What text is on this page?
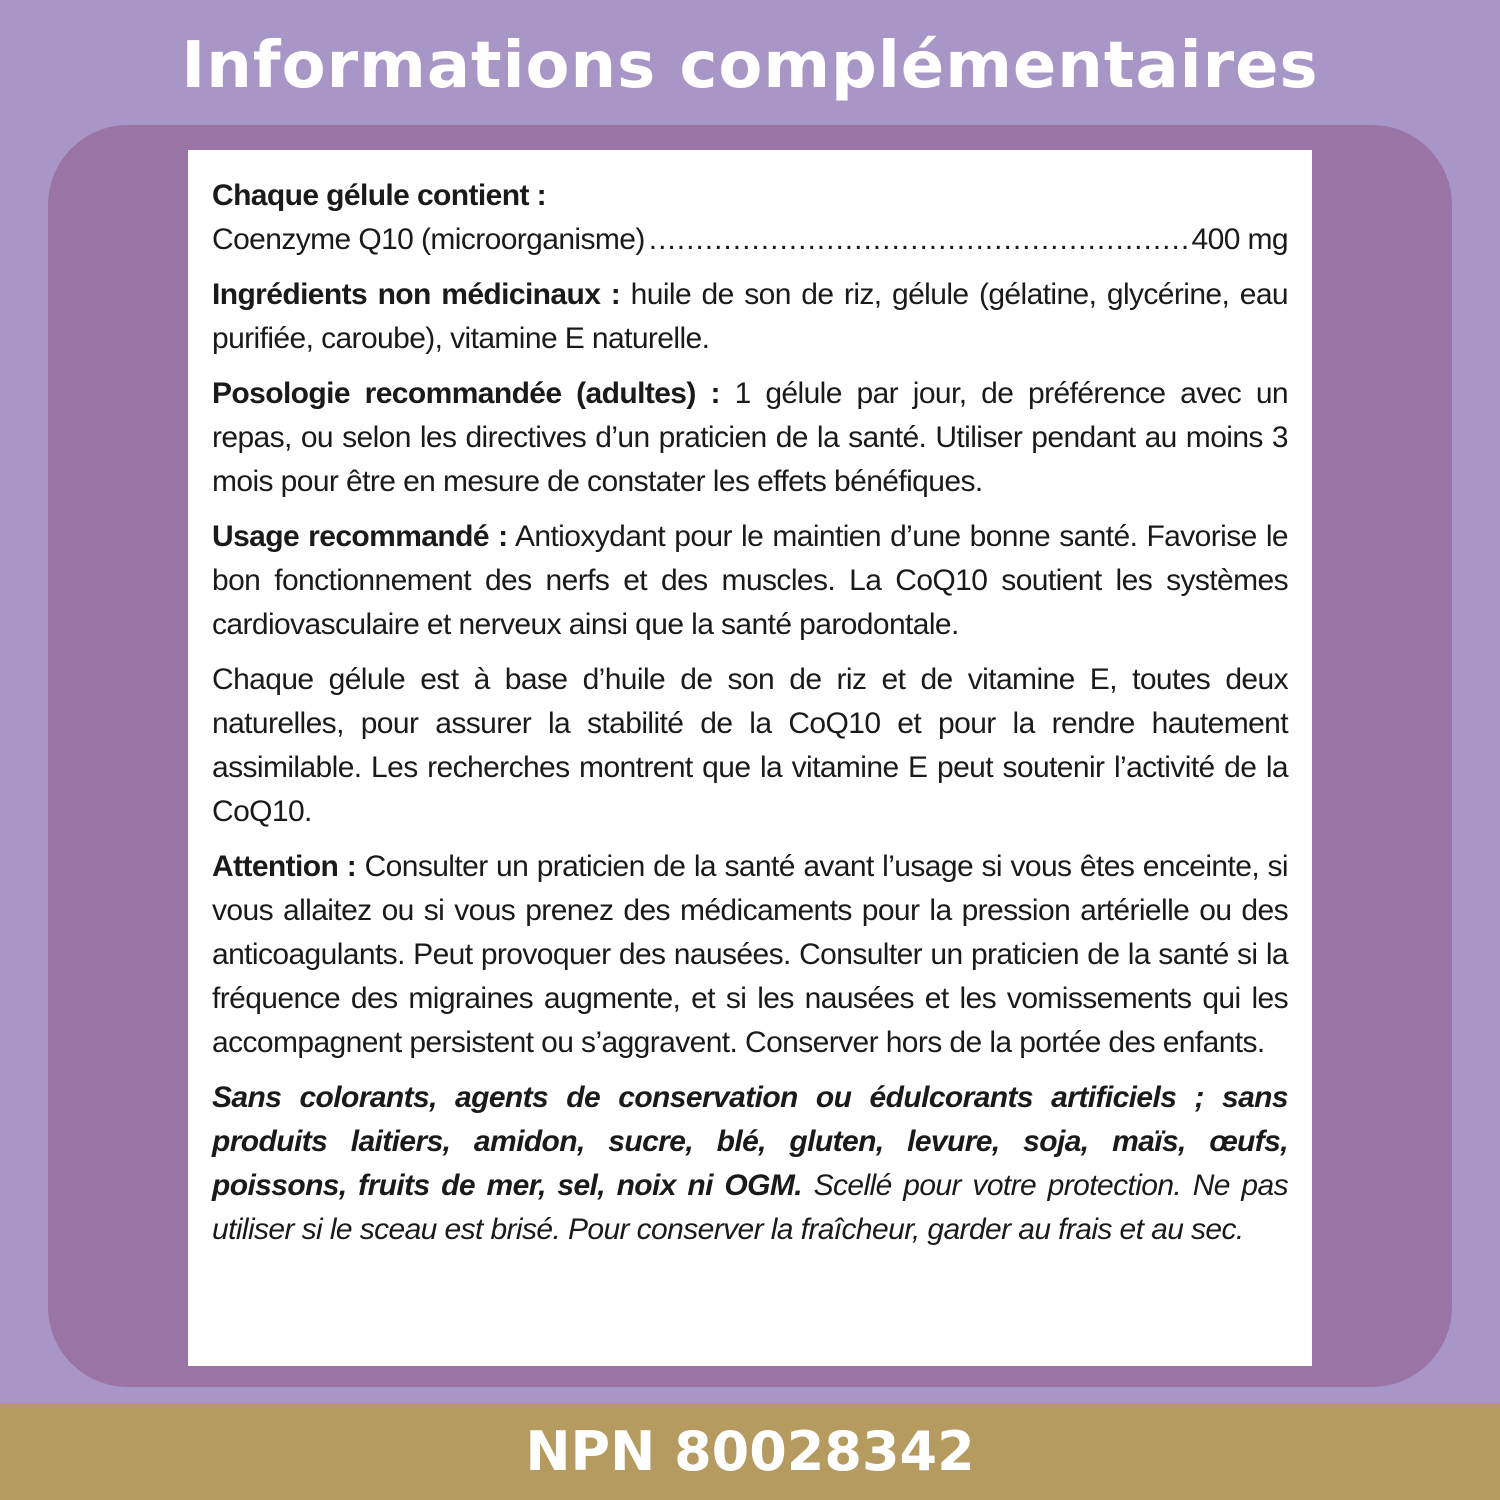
Informations complémentaires
Chaque gélule contient :
Coenzyme Q10 (microorganisme)
.....	400 mg

Ingrédients non médicinaux : huile de son de riz, gélule (gélatine, glycérine, eau purifiée, caroube), vitamine E naturelle.

Posologie recommandée (adultes) : 1 gélule par jour, de préférence avec un repas, ou selon les directives d’un praticien de la santé. Utiliser pendant au moins 3 mois pour être en mesure de constater les effets bénéfiques.

Usage recommandé : Antioxydant pour le maintien d’une bonne santé. Favorise le bon fonctionnement des nerfs et des muscles. La CoQ10 soutient les systèmes cardiovasculaire et nerveux ainsi que la santé parodontale.

Chaque gélule est à base d’huile de son de riz et de vitamine E, toutes deux naturelles, pour assurer la stabilité de la CoQ10 et pour la rendre hautement assimilable. Les recherches montrent que la vitamine E peut soutenir l’activité de la CoQ10.

Attention : Consulter un praticien de la santé avant l’usage si vous êtes enceinte, si vous allaitez ou si vous prenez des médicaments pour la pression artérielle ou des anticoagulants. Peut provoquer des nausées. Consulter un praticien de la santé si la fréquence des migraines augmente, et si les nausées et les vomissements qui les accompagnent persistent ou s’aggravent. Conserver hors de la portée des enfants.

Sans colorants, agents de conservation ou édulcorants artificiels ; sans produits laitiers, amidon, sucre, blé, gluten, levure, soja, maïs, œufs, poissons, fruits de mer, sel, noix ni OGM. Scellé pour votre protection. Ne pas utiliser si le sceau est brisé. Pour conserver la fraîcheur, garder au frais et au sec.

NPN 80028342
